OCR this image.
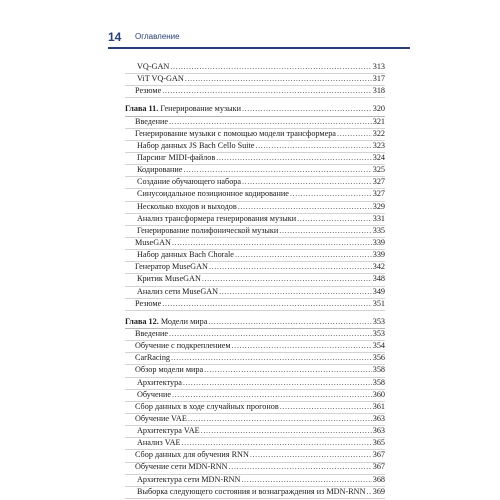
14 Оглавление
VQ-GAN .....	313
ViT VQ-GAN .....	317
Резюме .....	318
Глава 11. Генерирование музыки .....	320
Введение .....	321
Генерирование музыки с помощью модели трансформера .....	322
Набор данных JS Bach Cello Suite .....	323
Парсинг MIDI-файлов .....	324
Кодирование .....	325
Создание обучающего набора .....	327
Синусоидальное позиционное кодирование .....	327
Несколько входов и выходов .....	329
Анализ трансформера генерирования музыки .....	331
Генерирование полифонической музыки .....	335
MuseGAN .....	339
Набор данных Bach Chorale .....	339
Генератор MuseGAN .....	342
Критик MuseGAN .....	348
Анализ сети MuseGAN .....	349
Резюме .....	351
Глава 12. Модели мира .....	353
Введение .....	353
Обучение с подкреплением .....	354
CarRacing .....	356
Обзор модели мира .....	358
Архитектура .....	358
Обучение .....	360
Сбор данных в ходе случайных прогонов .....	361
Обучение VAE .....	363
Архитектура VAE .....	363
Анализ VAE .....	365
Сбор данных для обучения RNN .....	367
Обучение сети MDN-RNN .....	367
Архитектура сети MDN-RNN .....	368
Выборка следующего состояния и вознаграждения из MDN-RNN ..... 369
